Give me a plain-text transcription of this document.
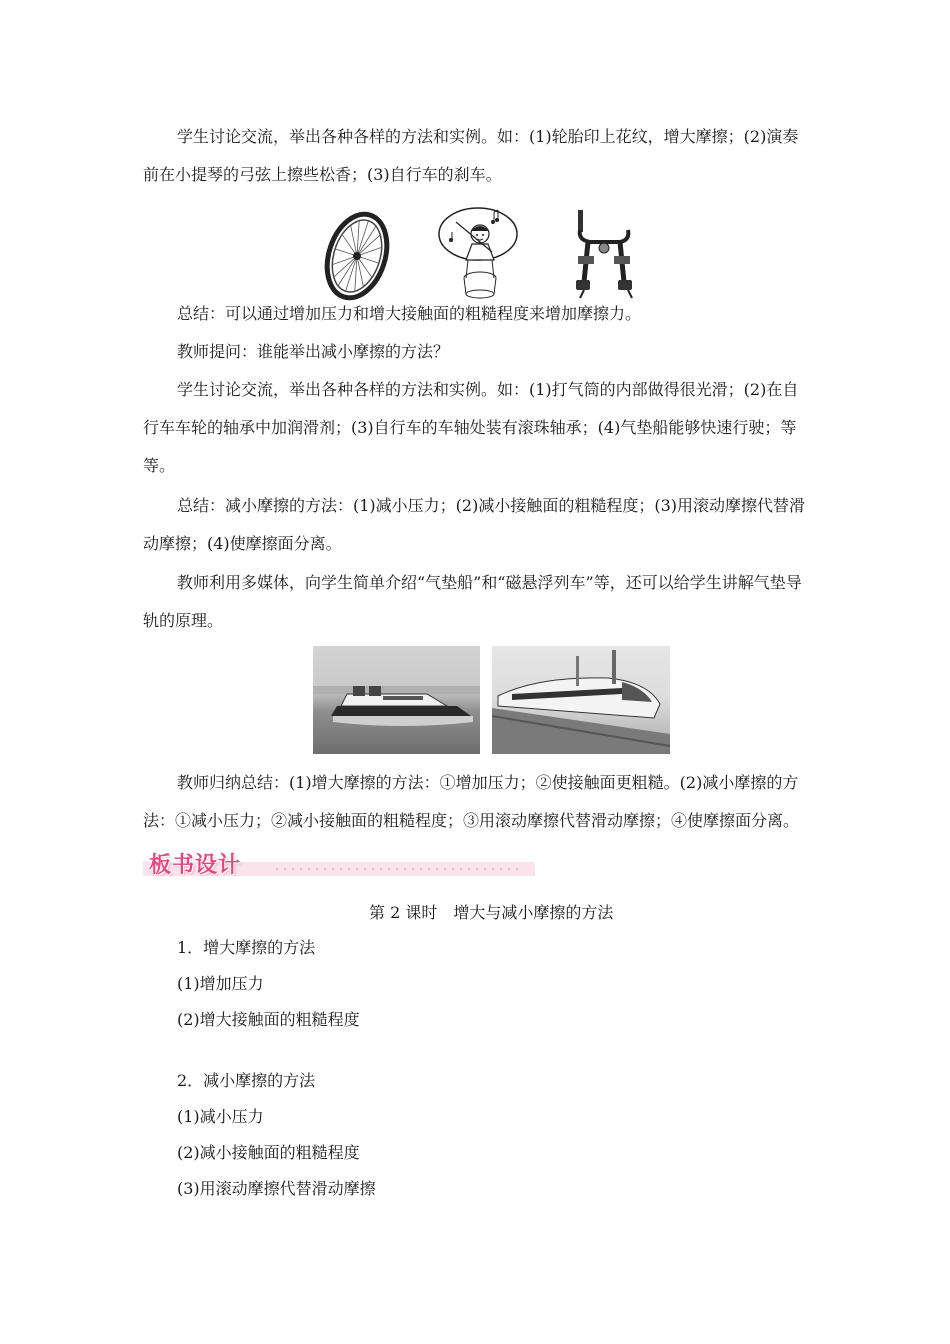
学生讨论交流，举出各种各样的方法和实例。如：(1)轮胎印上花纹，增大摩擦；(2)演奏前在小提琴的弓弦上擦些松香；(3)自行车的刹车。

总结：可以通过增加压力和增大接触面的粗糙程度来增加摩擦力。

教师提问：谁能举出减小摩擦的方法？

学生讨论交流，举出各种各样的方法和实例。如：(1)打气筒的内部做得很光滑；(2)在自行车车轮的轴承中加润滑剂；(3)自行车的车轴处装有滚珠轴承；(4)气垫船能够快速行驶；等等。

总结：减小摩擦的方法：(1)减小压力；(2)减小接触面的粗糙程度；(3)用滚动摩擦代替滑动摩擦；(4)使摩擦面分离。

教师利用多媒体，向学生简单介绍“气垫船”和“磁悬浮列车”等，还可以给学生讲解气垫导轨的原理。

教师归纳总结：(1)增大摩擦的方法：①增加压力；②使接触面更粗糙。(2)减小摩擦的方法：①减小压力；②减小接触面的粗糙程度；③用滚动摩擦代替滑动摩擦；④使摩擦面分离。

板书设计

第 2 课时　增大与减小摩擦的方法

1．增大摩擦的方法

(1)增加压力

(2)增大接触面的粗糙程度

2．减小摩擦的方法

(1)减小压力

(2)减小接触面的粗糙程度

(3)用滚动摩擦代替滑动摩擦
